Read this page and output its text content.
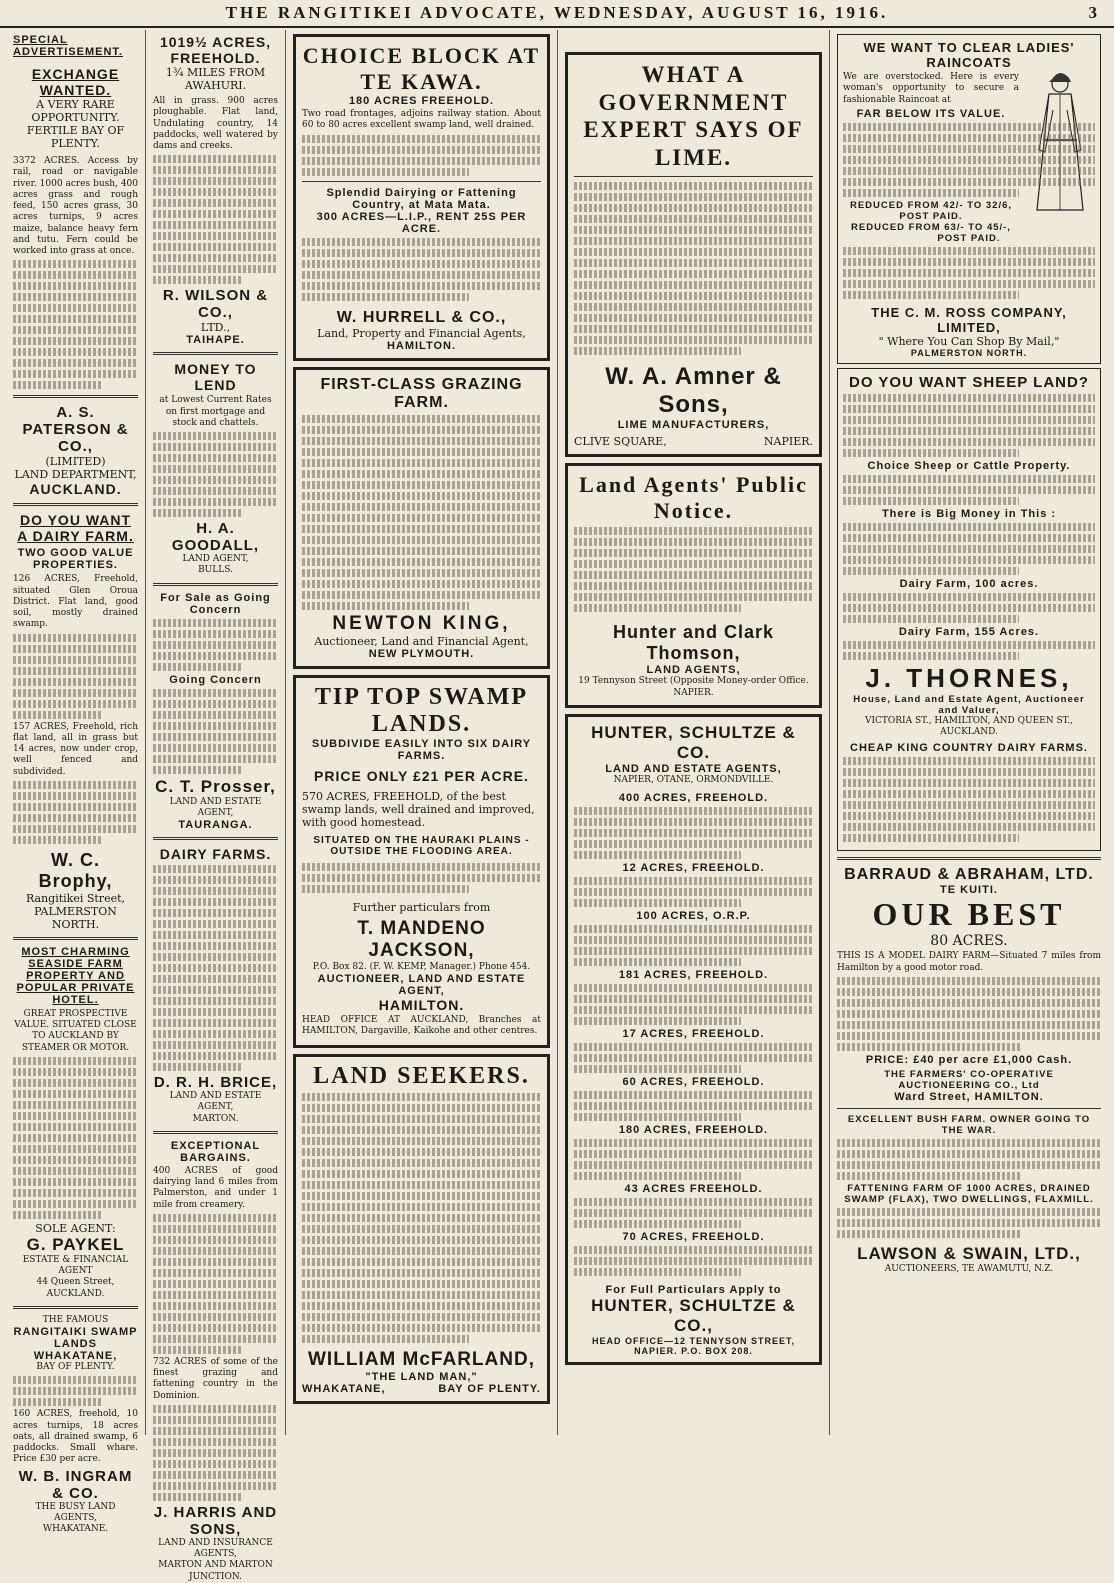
THE RANGITIKEI ADVOCATE, WEDNESDAY, AUGUST 16, 1916.	3
SPECIAL ADVERTISEMENT.
EXCHANGE WANTED.
A VERY RARE OPPORTUNITY.
FERTILE BAY OF PLENTY.

3372 ACRES. Access by rail, road or navigable river. 1000 acres bush, 400 acres grass and rough feed, 150 acres grass, 30 acres turnips, 9 acres maize, balance heavy fern and tutu. Fern could be worked into grass at once.

A. S. PATERSON & CO.,
(LIMITED)
LAND DEPARTMENT,
AUCKLAND.
DO YOU WANT A DAIRY FARM.
TWO GOOD VALUE PROPERTIES.

126 ACRES, Freehold, situated Glen Oroua District. Flat land, good soil, mostly drained swamp.

157 ACRES, Freehold, rich flat land, all in grass but 14 acres, now under crop, well fenced and subdivided.

W. C. Brophy,
Rangitikei Street,
PALMERSTON NORTH.
MOST CHARMING SEASIDE FARM PROPERTY AND POPULAR PRIVATE HOTEL.
GREAT PROSPECTIVE VALUE. SITUATED CLOSE TO AUCKLAND BY STEAMER OR MOTOR.
SOLE AGENT:
G. PAYKEL
ESTATE & FINANCIAL AGENT
44 Queen Street, AUCKLAND.
THE FAMOUS
RANGITAIKI SWAMP LANDS
WHAKATANE,
BAY OF PLENTY.

160 ACRES, freehold, 10 acres turnips, 18 acres oats, all drained swamp, 6 paddocks. Small whare. Price £30 per acre.

W. B. INGRAM & CO.
THE BUSY LAND AGENTS,
WHAKATANE.
1019½ ACRES, FREEHOLD.
1¾ MILES FROM AWAHURI.

All in grass. 900 acres ploughable. Flat land, Undulating country, 14 paddocks, well watered by dams and creeks.

R. WILSON & CO.,
LTD.,
TAIHAPE.
MONEY TO LEND

at Lowest Current Rates on first mortgage and stock and chattels.

H. A. GOODALL,
LAND AGENT,
BULLS.
For Sale as Going Concern
Going Concern
C. T. Prosser,
LAND AND ESTATE AGENT,
TAURANGA.
DAIRY FARMS.
D. R. H. BRICE,
LAND AND ESTATE AGENT,
MARTON.
EXCEPTIONAL BARGAINS.

400 ACRES of good dairying land 6 miles from Palmerston, and under 1 mile from creamery.

732 ACRES of some of the finest grazing and fattening country in the Dominion.

J. HARRIS AND SONS,
LAND AND INSURANCE AGENTS,
MARTON AND MARTON JUNCTION.
CHOICE BLOCK AT TE KAWA.
180 ACRES FREEHOLD.

Two road frontages, adjoins railway station. About 60 to 80 acres excellent swamp land, well drained.

Splendid Dairying or Fattening Country, at Mata Mata.
300 ACRES—L.I.P., RENT 25S PER ACRE.
W. HURRELL & CO.,
Land, Property and Financial Agents,
HAMILTON.
FIRST-CLASS GRAZING FARM.
NEWTON KING,
Auctioneer, Land and Financial Agent,
NEW PLYMOUTH.
TIP TOP SWAMP LANDS.
SUBDIVIDE EASILY INTO SIX DAIRY FARMS.
PRICE ONLY £21 PER ACRE.

570 ACRES, FREEHOLD, of the best swamp lands, well drained and improved, with good homestead.

SITUATED ON THE HAURAKI PLAINS - OUTSIDE THE FLOODING AREA.
Further particulars from
T. MANDENO JACKSON,
P.O. Box 82. (F. W. KEMP, Manager.) Phone 454.
AUCTIONEER, LAND AND ESTATE AGENT,
HAMILTON.

HEAD OFFICE AT AUCKLAND, Branches at HAMILTON, Dargaville, Kaikohe and other centres.

LAND SEEKERS.
WILLIAM McFARLAND,
"THE LAND MAN,"
WHAKATANE,	BAY OF PLENTY.
WHAT A GOVERNMENT EXPERT SAYS OF LIME.
W. A. Amner & Sons,
LIME MANUFACTURERS,
CLIVE SQUARE,	NAPIER.
Land Agents' Public Notice.
Hunter and Clark Thomson,
LAND AGENTS,
19 Tennyson Street (Opposite Money-order Office. NAPIER.
HUNTER, SCHULTZE & CO.
LAND AND ESTATE AGENTS,
NAPIER, OTANE, ORMONDVILLE.
400 ACRES, FREEHOLD.
12 ACRES, FREEHOLD.
100 ACRES, O.R.P.
181 ACRES, FREEHOLD.
17 ACRES, FREEHOLD.
60 ACRES, FREEHOLD.
180 ACRES, FREEHOLD.
43 ACRES FREEHOLD.
70 ACRES, FREEHOLD.
For Full Particulars Apply to
HUNTER, SCHULTZE & CO.,
HEAD OFFICE—12 TENNYSON STREET, NAPIER. P.O. BOX 208.
WE WANT TO CLEAR LADIES' RAINCOATS

We are overstocked. Here is every woman's opportunity to secure a fashionable Raincoat at

FAR BELOW ITS VALUE.
REDUCED FROM 42/- TO 32/6, POST PAID.
REDUCED FROM 63/- TO 45/-, POST PAID.
THE C. M. ROSS COMPANY, LIMITED,
" Where You Can Shop By Mail,"
PALMERSTON NORTH.
DO YOU WANT SHEEP LAND?
Choice Sheep or Cattle Property.
There is Big Money in This :
Dairy Farm, 100 acres.
Dairy Farm, 155 Acres.
J. THORNES,
House, Land and Estate Agent, Auctioneer and Valuer,
VICTORIA ST., HAMILTON, AND QUEEN ST., AUCKLAND.
CHEAP KING COUNTRY DAIRY FARMS.
BARRAUD & ABRAHAM, LTD.
TE KUITI.
OUR BEST
80 ACRES.

THIS IS A MODEL DAIRY FARM—Situated 7 miles from Hamilton by a good motor road.

PRICE: £40 per acre £1,000 Cash.
THE FARMERS' CO-OPERATIVE AUCTIONEERING CO., Ltd
Ward Street, HAMILTON.
EXCELLENT BUSH FARM. OWNER GOING TO THE WAR.
FATTENING FARM OF 1000 ACRES, DRAINED SWAMP (FLAX), TWO DWELLINGS, FLAXMILL.
LAWSON & SWAIN, LTD.,
AUCTIONEERS, TE AWAMUTU, N.Z.
